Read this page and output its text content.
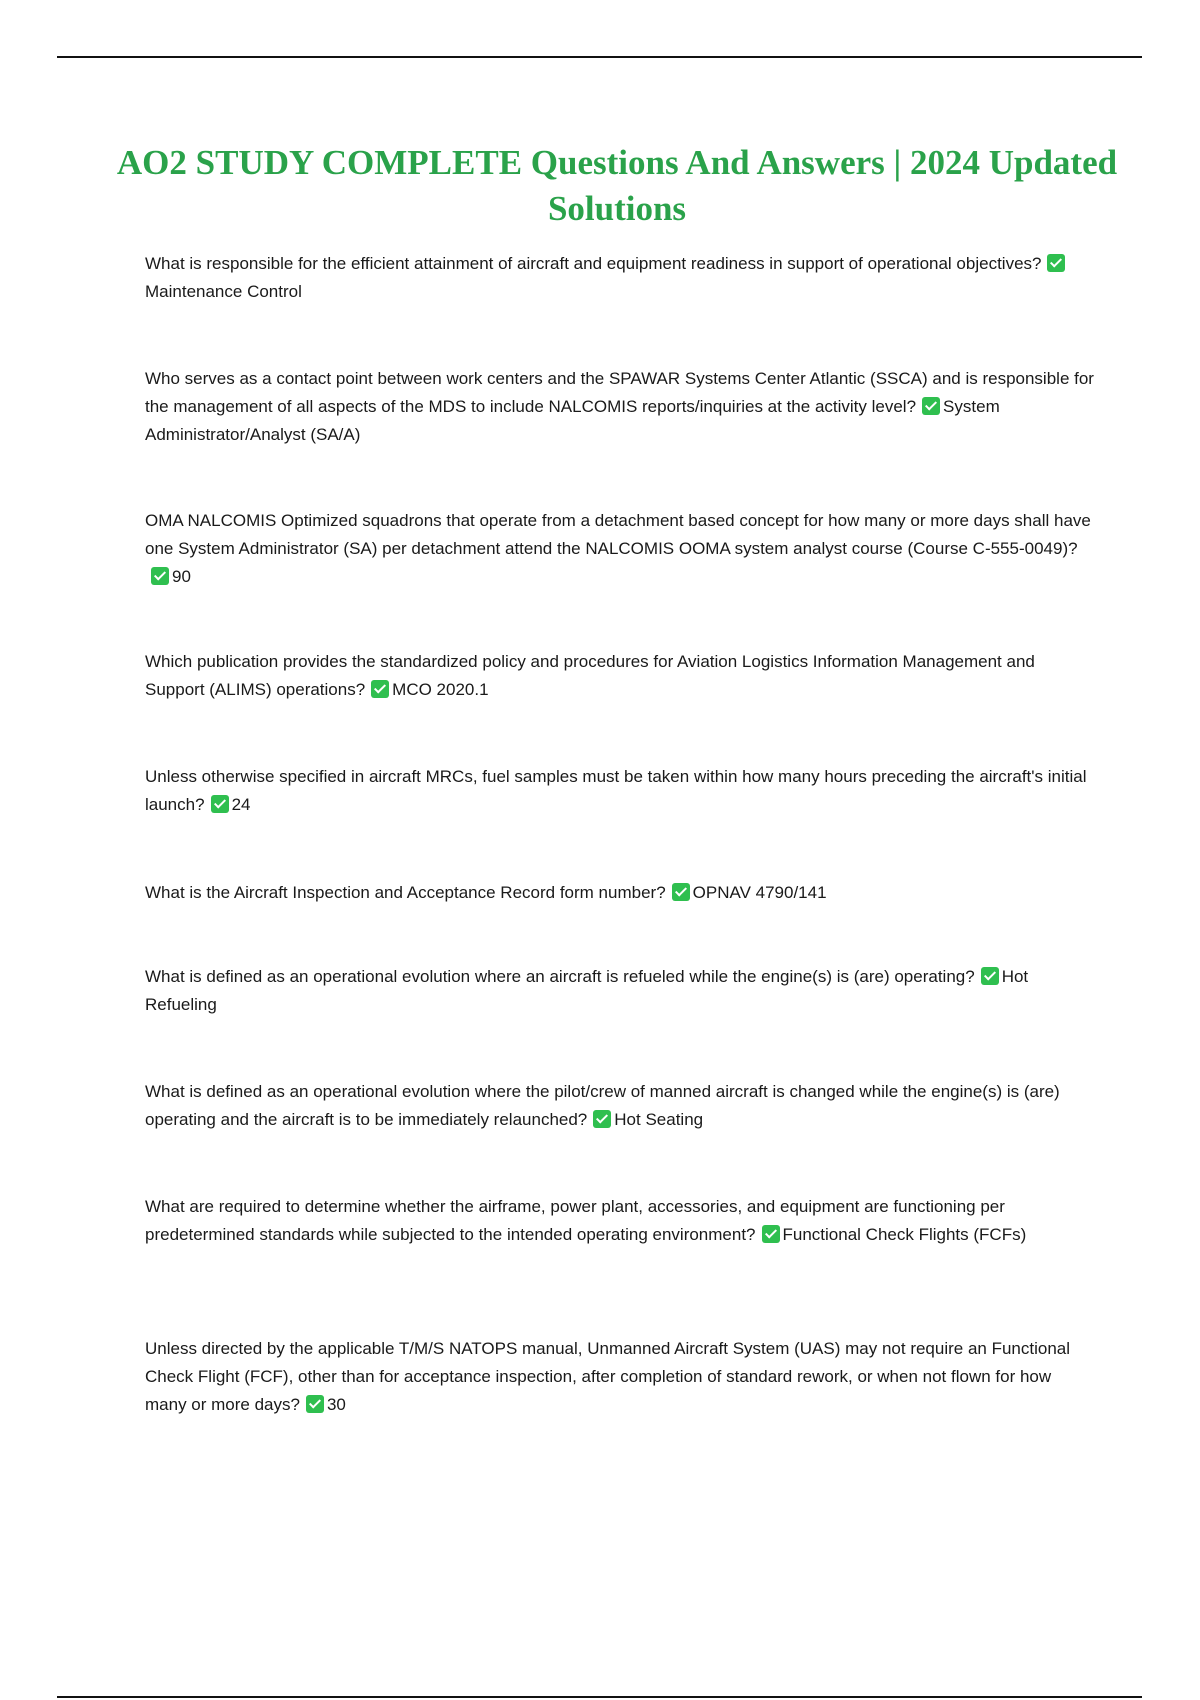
AO2 STUDY COMPLETE Questions And Answers | 2024 Updated Solutions

What is responsible for the efficient attainment of aircraft and equipment readiness in support of operational objectives?Maintenance Control

Who serves as a contact point between work centers and the SPAWAR Systems Center Atlantic (SSCA) and is responsible for the management of all aspects of the MDS to include NALCOMIS reports/inquiries at the activity level? System Administrator/Analyst (SA/A)

OMA NALCOMIS Optimized squadrons that operate from a detachment based concept for how many or more days shall have one System Administrator (SA) per detachment attend the NALCOMIS OOMA system analyst course (Course C-555-0049)?90

Which publication provides the standardized policy and procedures for Aviation Logistics Information Management and Support (ALIMS) operations? MCO 2020.1

Unless otherwise specified in aircraft MRCs, fuel samples must be taken within how many hours preceding the aircraft's initial launch? 24

What is the Aircraft Inspection and Acceptance Record form number? OPNAV 4790/141

What is defined as an operational evolution where an aircraft is refueled while the engine(s) is (are) operating? Hot Refueling

What is defined as an operational evolution where the pilot/crew of manned aircraft is changed while the engine(s) is (are) operating and the aircraft is to be immediately relaunched? Hot Seating

What are required to determine whether the airframe, power plant, accessories, and equipment are functioning per predetermined standards while subjected to the intended operating environment? Functional Check Flights (FCFs)

Unless directed by the applicable T/M/S NATOPS manual, Unmanned Aircraft System (UAS) may not require an Functional Check Flight (FCF), other than for acceptance inspection, after completion of standard rework, or when not flown for how many or more days? 30
